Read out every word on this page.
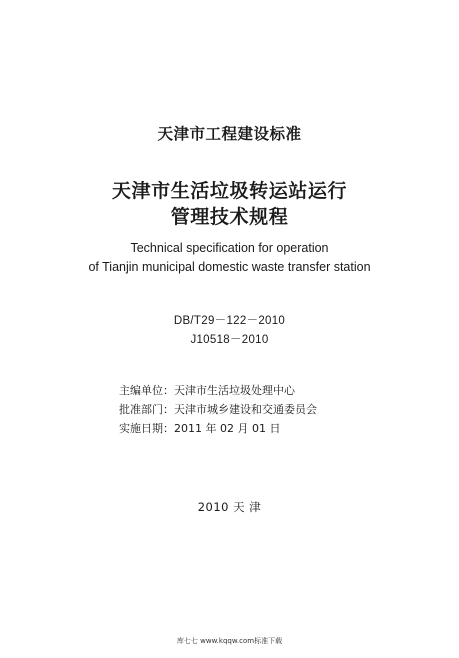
天津市工程建设标准
天津市生活垃圾转运站运行
管理技术规程
Technical specification for operation
of Tianjin municipal domestic waste transfer station
DB/T29－122－2010
J10518－2010
主编单位：天津市生活垃圾处理中心
批准部门：天津市城乡建设和交通委员会
实施日期：2011 年 02 月 01 日
2010 天 津
库七七 www.kqqw.com标准下载
